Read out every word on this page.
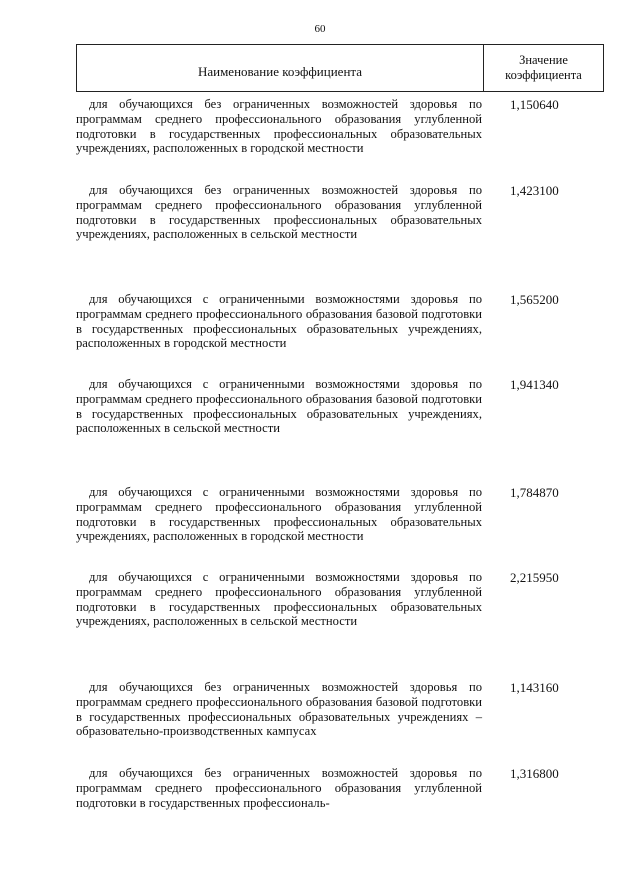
60
Наименование коэффициента
Значение
коэффициента

для обучающихся без ограниченных возможностей здоровья по программам среднего профессионального образования углубленной подготовки в государственных профессиональных образовательных учреждениях, расположенных в городской местности

1,150640

для обучающихся без ограниченных возможностей здоровья по программам среднего профессионального образования углубленной подготовки в государственных профессиональных образовательных учреждениях, расположенных в сельской местности

1,423100

для обучающихся с ограниченными возможностями здоровья по программам среднего профессионального образования базовой подготовки в государственных профессиональных образовательных учреждениях, расположенных в городской местности

1,565200

для обучающихся с ограниченными возможностями здоровья по программам среднего профессионального образования базовой подготовки в государственных профессиональных образовательных учреждениях, расположенных в сельской местности

1,941340

для обучающихся с ограниченными возможностями здоровья по программам среднего профессионального образования углубленной подготовки в государственных профессиональных образовательных учреждениях, расположенных в городской местности

1,784870

для обучающихся с ограниченными возможностями здоровья по программам среднего профессионального образования углубленной подготовки в государственных профессиональных образовательных учреждениях, расположенных в сельской местности

2,215950

для обучающихся без ограниченных возможностей здоровья по программам среднего профессионального образования базовой подготовки в государственных профессиональных образовательных учреждениях – образовательно-производственных кампусах

1,143160

для обучающихся без ограниченных возможностей здоровья по программам среднего профессионального образования углубленной подготовки в государственных профессиональ-

1,316800
